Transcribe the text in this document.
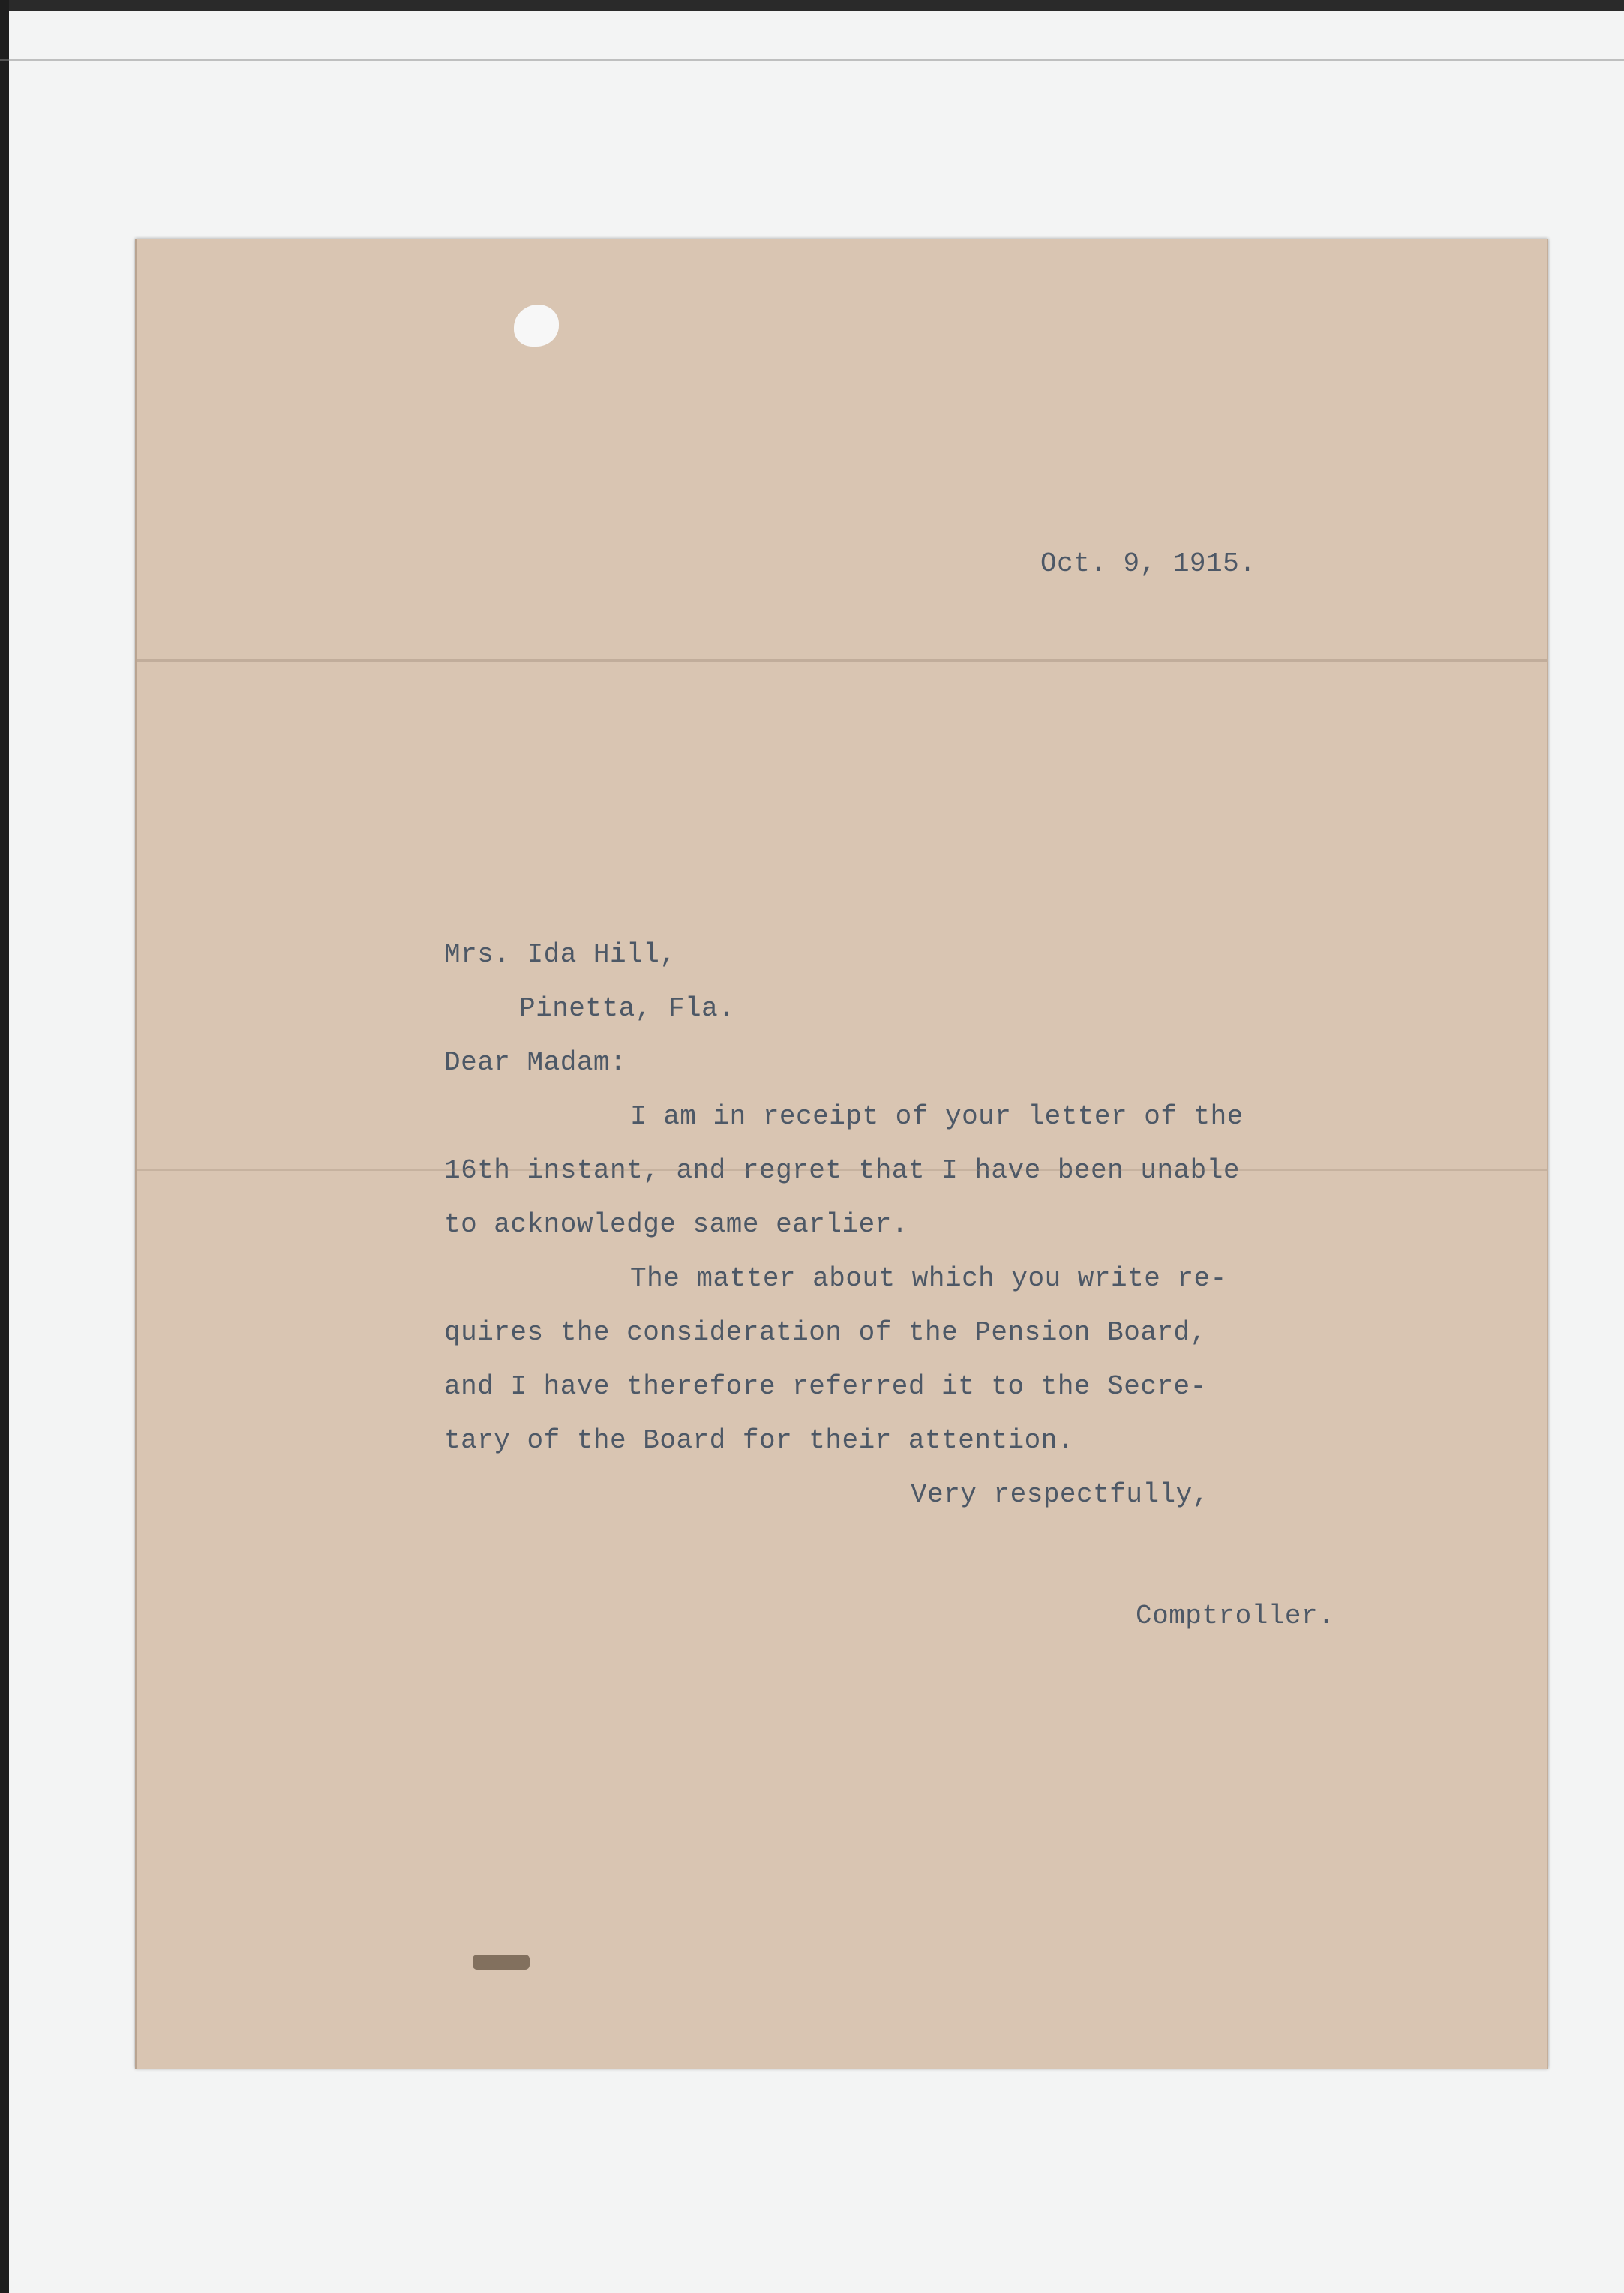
Oct. 9, 1915.
Mrs. Ida Hill,
Pinetta, Fla.
Dear Madam:
I am in receipt of your letter of the
16th instant, and regret that I have been unable
to acknowledge same earlier.
The matter about which you write re-
quires the consideration of the Pension Board,
and I have therefore referred it to the Secre-
tary of the Board for their attention.
Very respectfully,
Comptroller.
